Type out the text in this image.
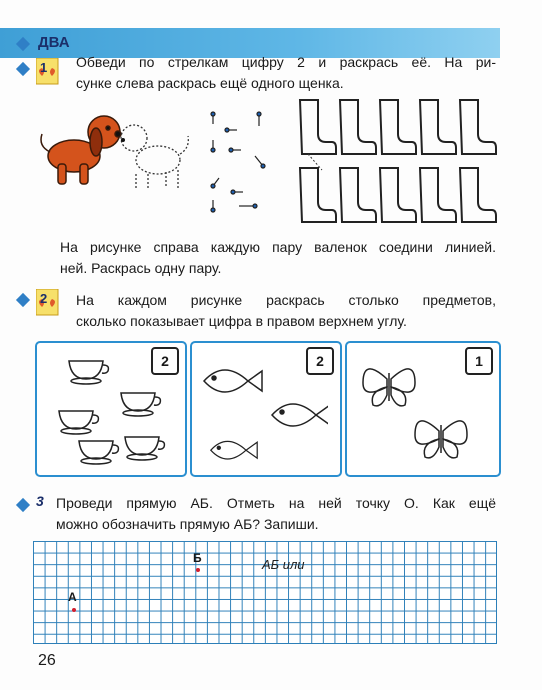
ДВА
1 Обведи по стрелкам цифру 2 и раскрась её. На ри-
сунке слева раскрась ещё одного щенка.
На рисунке справа каждую пару валенок соедини линией.
ней. Раскрась одну пару.
2 На каждом рисунке раскрась столько предметов,
сколько показывает цифра в правом верхнем углу.
2	2	1
3 Проведи прямую АБ. Отметь на ней точку О. Как ещё
можно обозначить прямую АБ? Запиши.
Б	АБ или
А
26
